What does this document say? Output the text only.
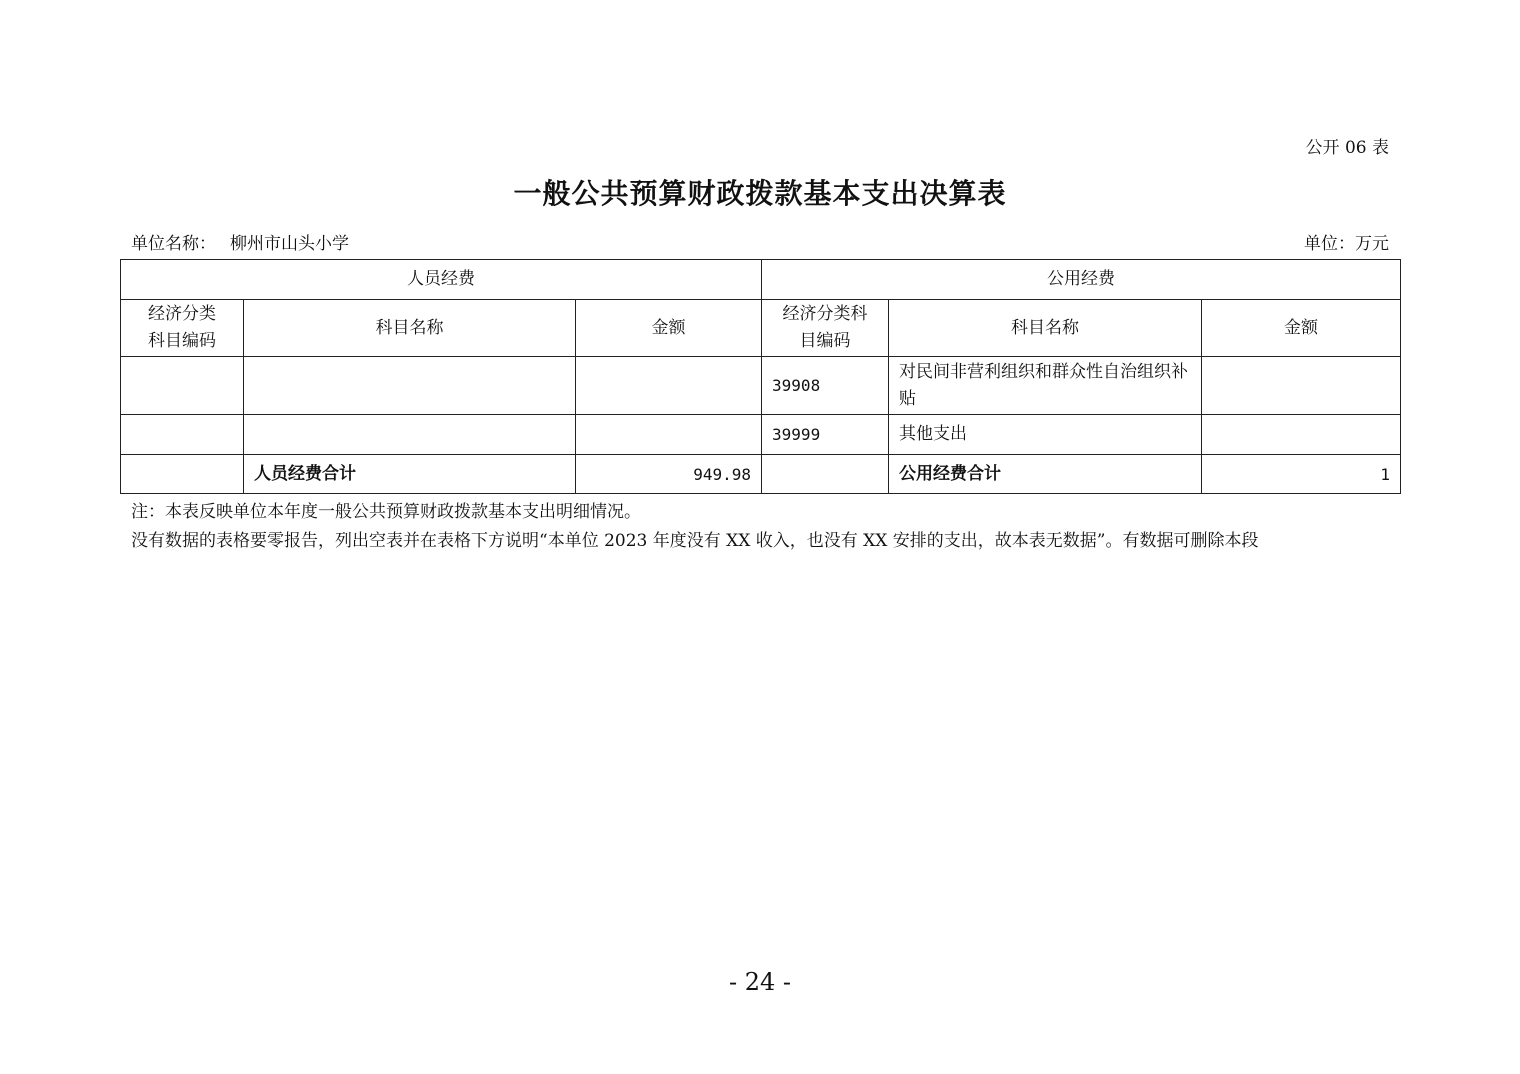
公开 06 表
一般公共预算财政拨款基本支出决算表
单位名称： 柳州市山头小学	单位：万元
人员经费			公用经费		
经济分类科目编码	科目名称	金额	经济分类科目编码	科目名称	金额
			39908	对民间非营利组织和群众性自治组织补贴	
			39999	其他支出	
	人员经费合计	949.98		公用经费合计	1
注：本表反映单位本年度一般公共预算财政拨款基本支出明细情况。
没有数据的表格要零报告，列出空表并在表格下方说明“本单位 2023 年度没有 XX 收入，也没有 XX 安排的支出，故本表无数据”。有数据可删除本段
- 24 -
